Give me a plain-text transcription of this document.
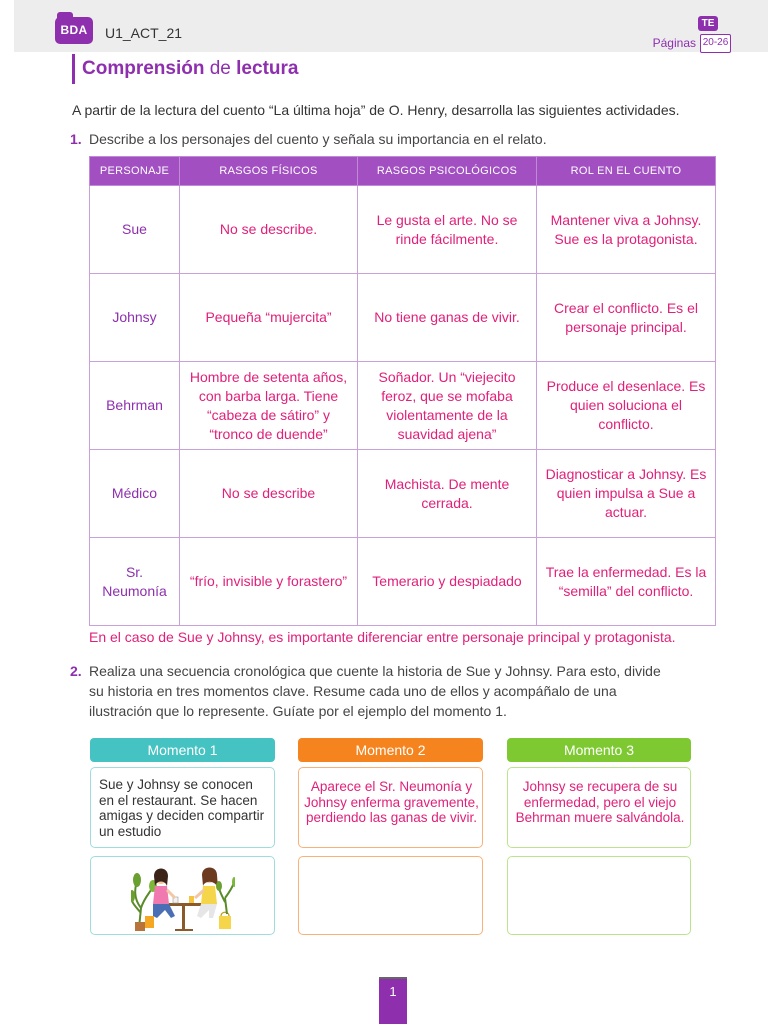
BDA	U1_ACT_21
Páginas
TE
20-26
Comprensión de lectura
A partir de la lectura del cuento “La última hoja” de O. Henry, desarrolla las siguientes actividades.
1. Describe a los personajes del cuento y señala su importancia en el relato.
PERSONAJE	RASGOS FÍSICOS	RASGOS PSICOLÓGICOS	ROL EN EL CUENTO
Sue	No se describe.	Le gusta el arte. No se rinde fácilmente.	Mantener viva a Johnsy. Sue es la protagonista.
Johnsy	Pequeña “mujercita”	No tiene ganas de vivir.	Crear el conflicto. Es el personaje principal.
Behrman	Hombre de setenta años, con barba larga. Tiene “cabeza de sátiro” y “tronco de duende”	Soñador. Un “viejecito feroz, que se mofaba violentamente de la suavidad ajena”	Produce el desenlace. Es quien soluciona el conflicto.
Médico	No se describe	Machista. De mente cerrada.	Diagnosticar a Johnsy. Es quien impulsa a Sue a actuar.
Sr. Neumonía	“frío, invisible y forastero”	Temerario y despiadado	Trae la enfermedad. Es la “semilla” del conflicto.
En el caso de Sue y Johnsy, es importante diferenciar entre personaje principal y protagonista.
2. Realiza una secuencia cronológica que cuente la historia de Sue y Johnsy. Para esto, divide
su historia en tres momentos clave. Resume cada uno de ellos y acompáñalo de una
ilustración que lo represente. Guíate por el ejemplo del momento 1.
Momento 1	Momento 2	Momento 3
Sue y Johnsy se conocen en el restaurant. Se hacen amigas y deciden compartir un estudio
Aparece el Sr. Neumonía y Johnsy enferma gravemente, perdiendo las ganas de vivir.
Johnsy se recupera de su enfermedad, pero el viejo Behrman muere salvándola.
1
